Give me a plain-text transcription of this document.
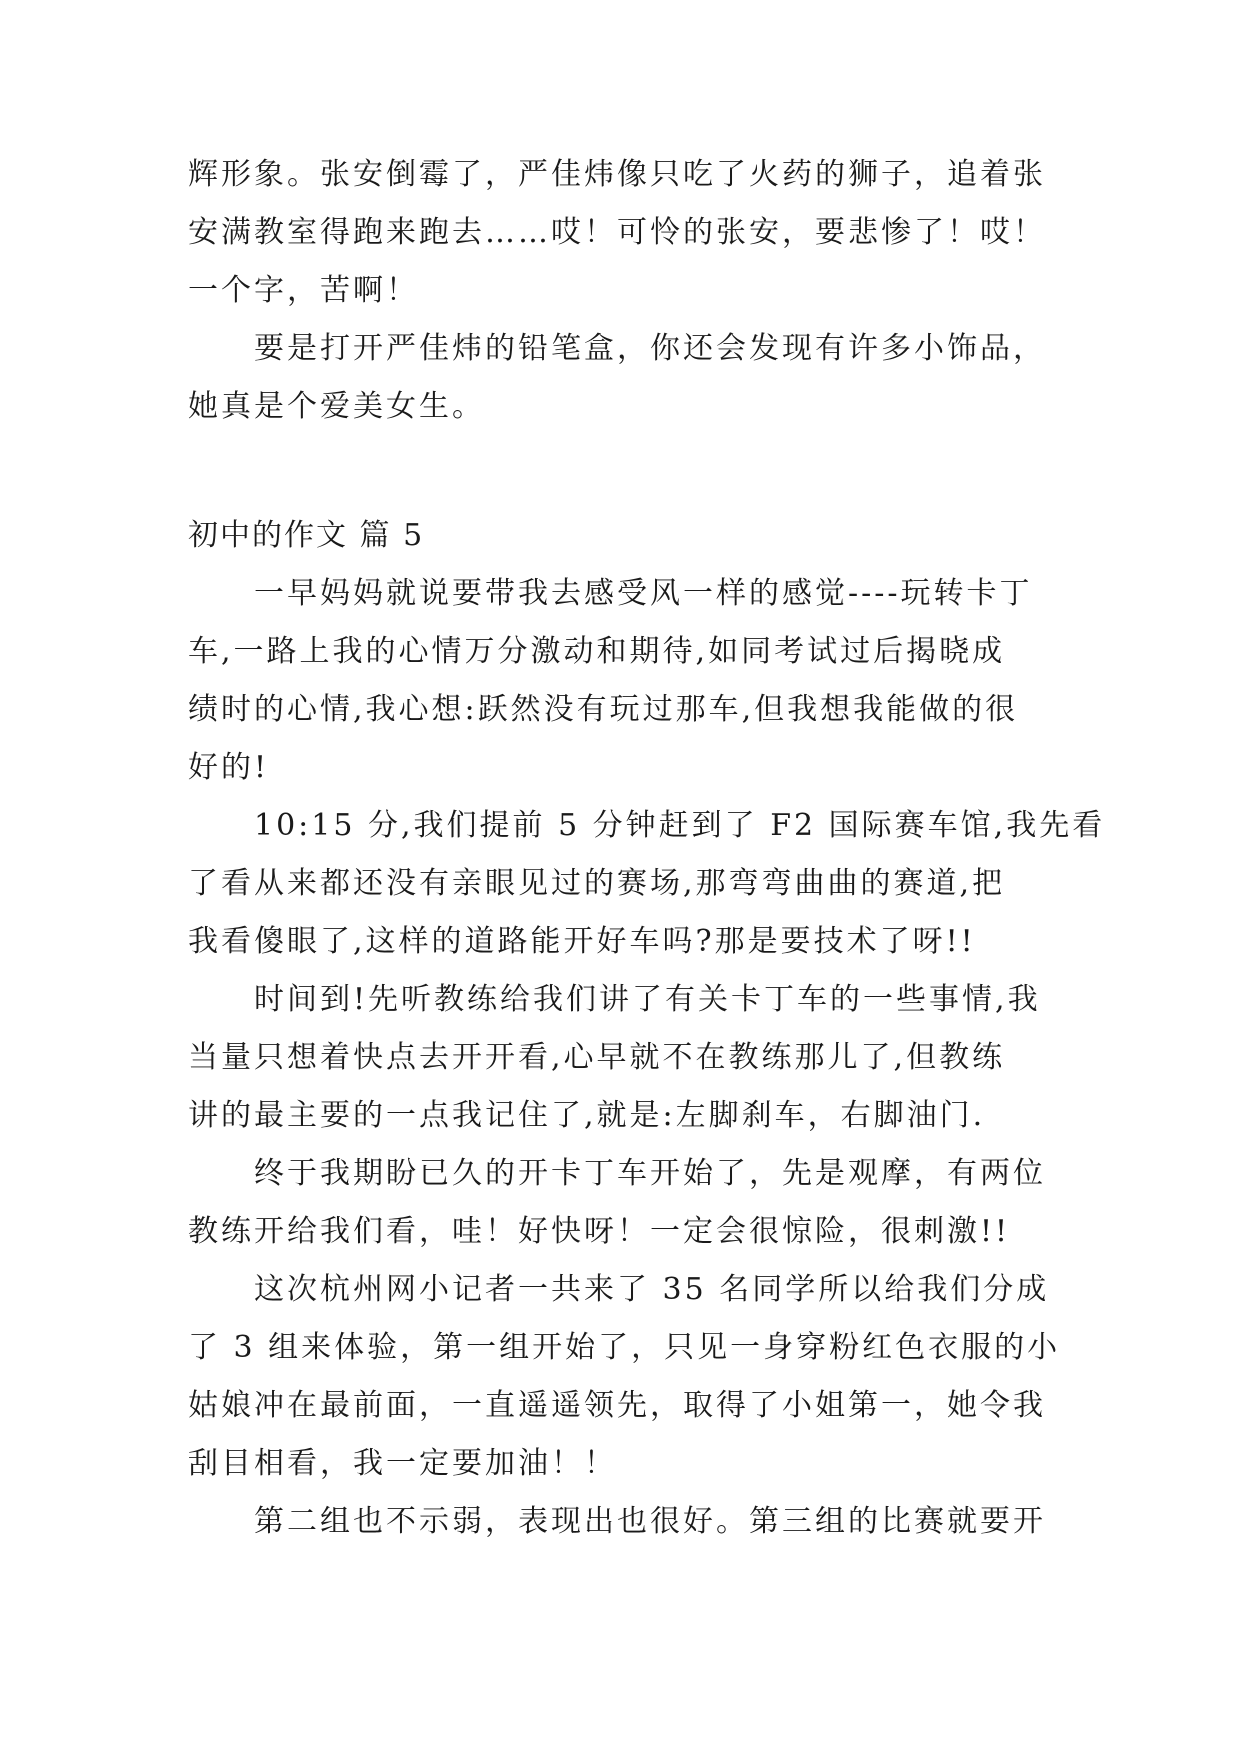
辉形象。张安倒霉了，严佳炜像只吃了火药的狮子，追着张
安满教室得跑来跑去……哎！可怜的张安，要悲惨了！哎！
一个字，苦啊！
要是打开严佳炜的铅笔盒，你还会发现有许多小饰品，
她真是个爱美女生。
初中的作文 篇 5
一早妈妈就说要带我去感受风一样的感觉----玩转卡丁
车,一路上我的心情万分激动和期待,如同考试过后揭晓成
绩时的心情,我心想:跃然没有玩过那车,但我想我能做的很
好的!
10:15 分,我们提前 5 分钟赶到了 F2 国际赛车馆,我先看
了看从来都还没有亲眼见过的赛场,那弯弯曲曲的赛道,把
我看傻眼了,这样的道路能开好车吗?那是要技术了呀!!
时间到!先听教练给我们讲了有关卡丁车的一些事情,我
当量只想着快点去开开看,心早就不在教练那儿了,但教练
讲的最主要的一点我记住了,就是:左脚刹车，右脚油门.
终于我期盼已久的开卡丁车开始了，先是观摩，有两位
教练开给我们看，哇！好快呀！一定会很惊险，很刺激!!
这次杭州网小记者一共来了 35 名同学所以给我们分成
了 3 组来体验，第一组开始了，只见一身穿粉红色衣服的小
姑娘冲在最前面，一直遥遥领先，取得了小姐第一，她令我
刮目相看，我一定要加油！！
第二组也不示弱，表现出也很好。第三组的比赛就要开
